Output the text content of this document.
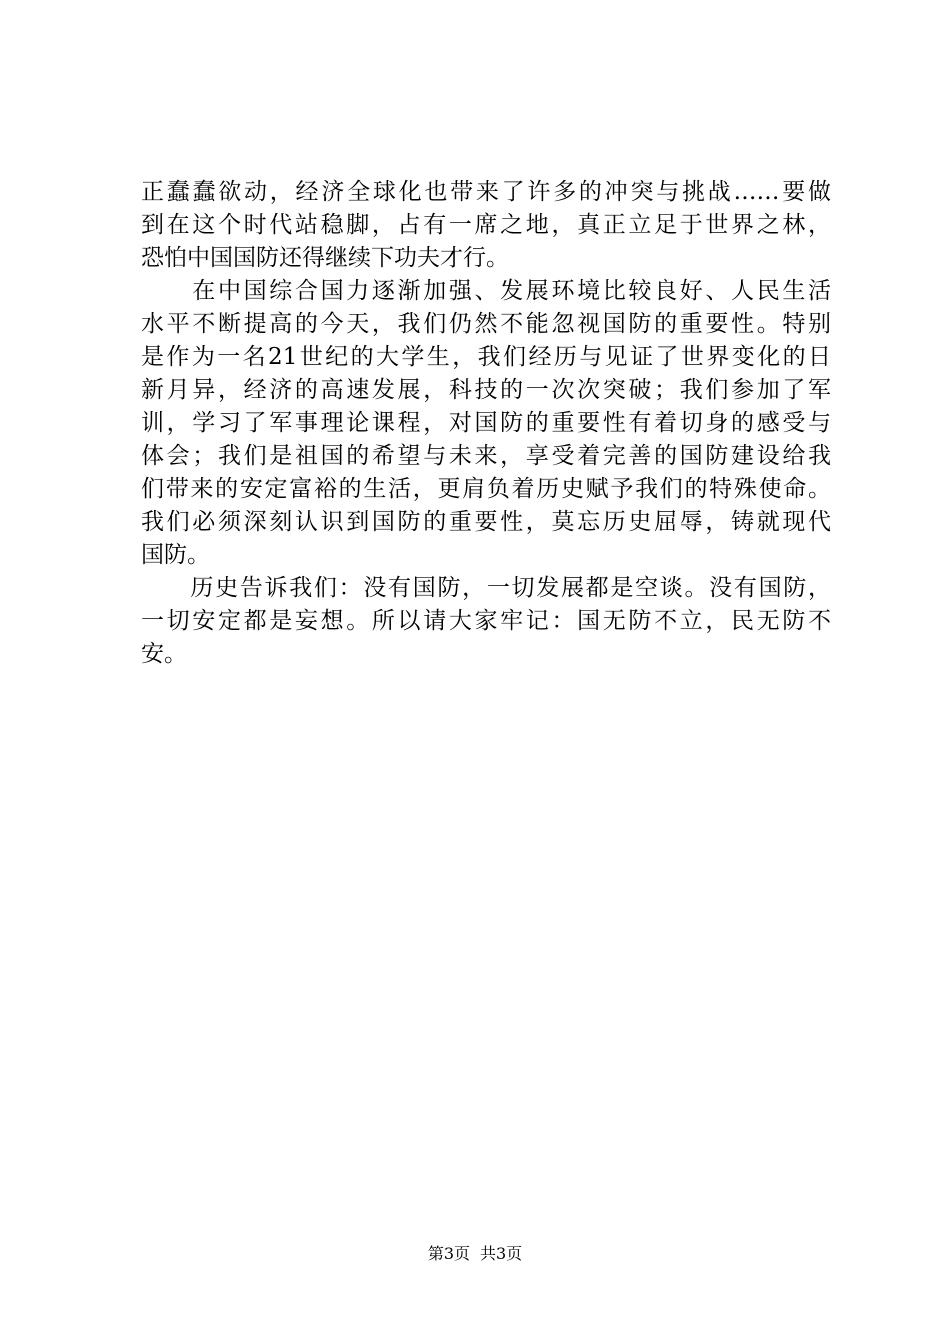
正蠢蠢欲动，经济全球化也带来了许多的冲突与挑战……要做
到在这个时代站稳脚，占有一席之地，真正立足于世界之林，
恐怕中国国防还得继续下功夫才行。
　　在中国综合国力逐渐加强、发展环境比较良好、人民生活
水平不断提高的今天，我们仍然不能忽视国防的重要性。特别
是作为一名21世纪的大学生，我们经历与见证了世界变化的日
新月异，经济的高速发展，科技的一次次突破；我们参加了军
训，学习了军事理论课程，对国防的重要性有着切身的感受与
体会；我们是祖国的希望与未来，享受着完善的国防建设给我
们带来的安定富裕的生活，更肩负着历史赋予我们的特殊使命。
我们必须深刻认识到国防的重要性，莫忘历史屈辱，铸就现代
国防。
　　历史告诉我们：没有国防，一切发展都是空谈。没有国防，
一切安定都是妄想。所以请大家牢记：国无防不立，民无防不
安。
第3页 共3页
